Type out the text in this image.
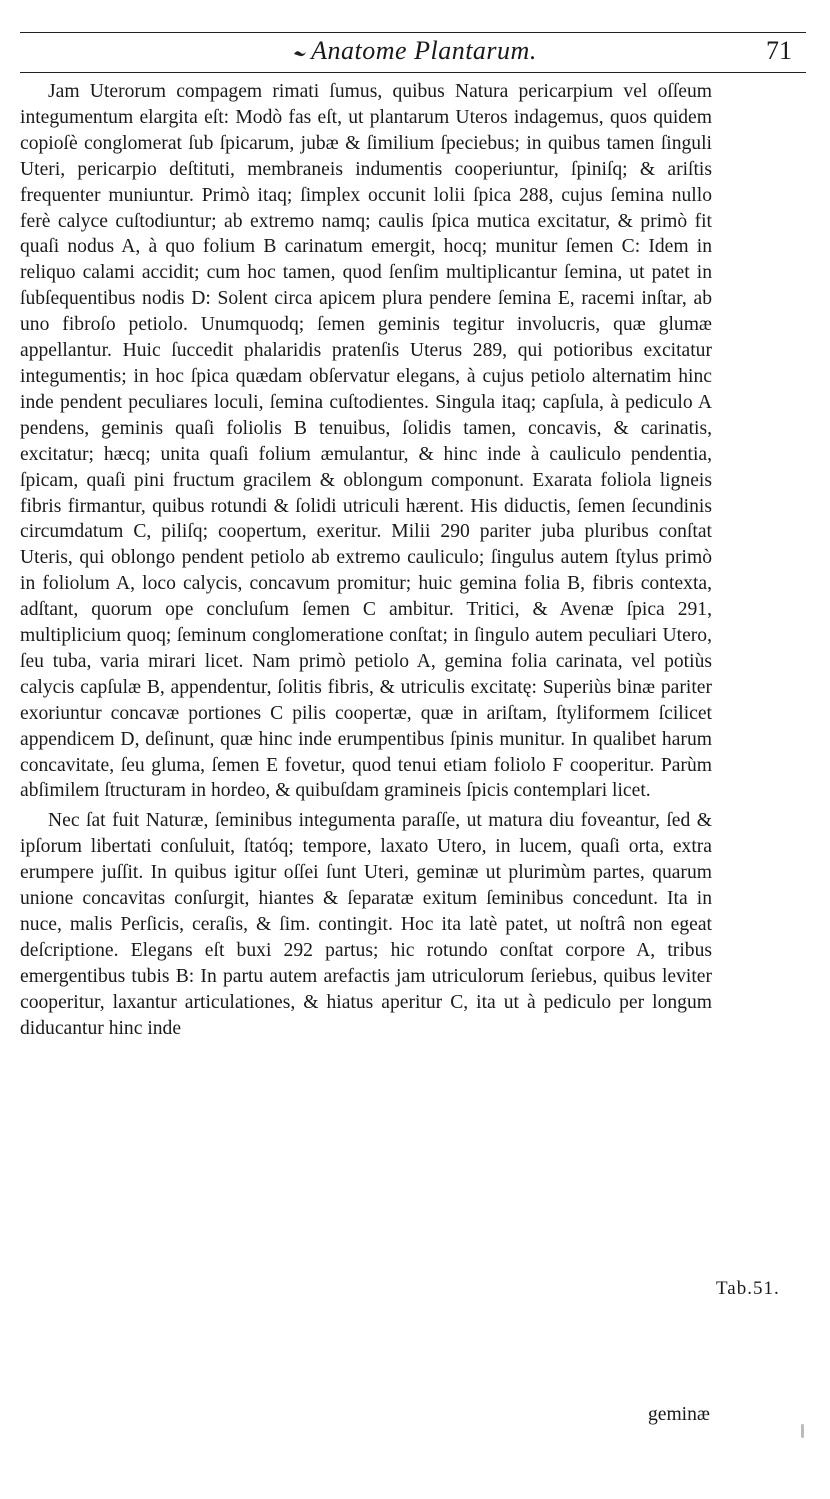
Anatome Plantarum.	71

Jam Uterorum compagem rimati ſumus, quibus Natura pericarpium vel oſſeum integumentum elargita eſt: Modò fas eſt, ut plantarum Uteros indagemus, quos quidem copioſè conglomerat ſub ſpicarum, jubæ & ſimilium ſpeciebus; in quibus tamen ſinguli Uteri, pericarpio deſtituti, membraneis indumentis cooperiuntur, ſpiniſq; & ariſtis frequenter muniuntur. Primò itaq; ſimplex occunit lolii ſpica 288, cujus ſemina nullo ferè calyce cuſtodiuntur; ab extremo namq; caulis ſpica mutica excitatur, & primò fit quaſi nodus A, à quo folium B carinatum emergit, hocq; munitur ſemen C: Idem in reliquo calami accidit; cum hoc tamen, quod ſenſim multiplicantur ſemina, ut patet in ſubſequentibus nodis D: Solent circa apicem plura pendere ſemina E, racemi inſtar, ab uno fibroſo petiolo. Unumquodq; ſemen geminis tegitur involucris, quæ glumæ appellantur. Huic ſuccedit phalaridis pratenſis Uterus 289, qui potioribus excitatur integumentis; in hoc ſpica quædam obſervatur elegans, à cujus petiolo alternatim hinc inde pendent peculiares loculi, ſemina cuſtodientes. Singula itaq; capſula, à pediculo A pendens, geminis quaſi foliolis B tenuibus, ſolidis tamen, concavis, & carinatis, excitatur; hæcq; unita quaſi folium æmulantur, & hinc inde à cauliculo pendentia, ſpicam, quaſi pini fructum gracilem & oblongum componunt. Exarata foliola ligneis fibris firmantur, quibus rotundi & ſolidi utriculi hærent. His diductis, ſemen ſecundinis circumdatum C, piliſq; coopertum, exeritur. Milii 290 pariter juba pluribus conſtat Uteris, qui oblongo pendent petiolo ab extremo cauliculo; ſingulus autem ſtylus primò in foliolum A, loco calycis, concavum promitur; huic gemina folia B, fibris contexta, adſtant, quorum ope concluſum ſemen C ambitur. Tritici, & Avenæ ſpica 291, multiplicium quoq; ſeminum conglomeratione conſtat; in ſingulo autem peculiari Utero, ſeu tuba, varia mirari licet. Nam primò petiolo A, gemina folia carinata, vel potiùs calycis capſulæ B, appendentur, ſolitis fibris, & utriculis excitatę: Superiùs binæ pariter exoriuntur concavæ portiones C pilis coopertæ, quæ in ariſtam, ſtyliformem ſcilicet appendicem D, deſinunt, quæ hinc inde erumpentibus ſpinis munitur. In qualibet harum concavitate, ſeu gluma, ſemen E fovetur, quod tenui etiam foliolo F cooperitur. Parùm abſimilem ſtructuram in hordeo, & quibuſdam gramineis ſpicis contemplari licet.

Nec ſat fuit Naturæ, ſeminibus integumenta paraſſe, ut matura diu foveantur, ſed & ipſorum libertati conſuluit, ſtatóq; tempore, laxato Utero, in lucem, quaſi orta, extra erumpere juſſit. In quibus igitur oſſei ſunt Uteri, geminæ ut plurimùm partes, quarum unione concavitas conſurgit, hiantes & ſeparatæ exitum ſeminibus concedunt. Ita in nuce, malis Perſicis, ceraſis, & ſim. contingit. Hoc ita latè patet, ut noſtrâ non egeat deſcriptione. Elegans eſt buxi 292 partus; hic rotundo conſtat corpore A, tribus emergentibus tubis B: In partu autem arefactis jam utriculorum ſeriebus, quibus leviter cooperitur, laxantur articulationes, & hiatus aperitur C, ita ut à pediculo per longum diducantur hinc inde

Tab.51.
geminæ
